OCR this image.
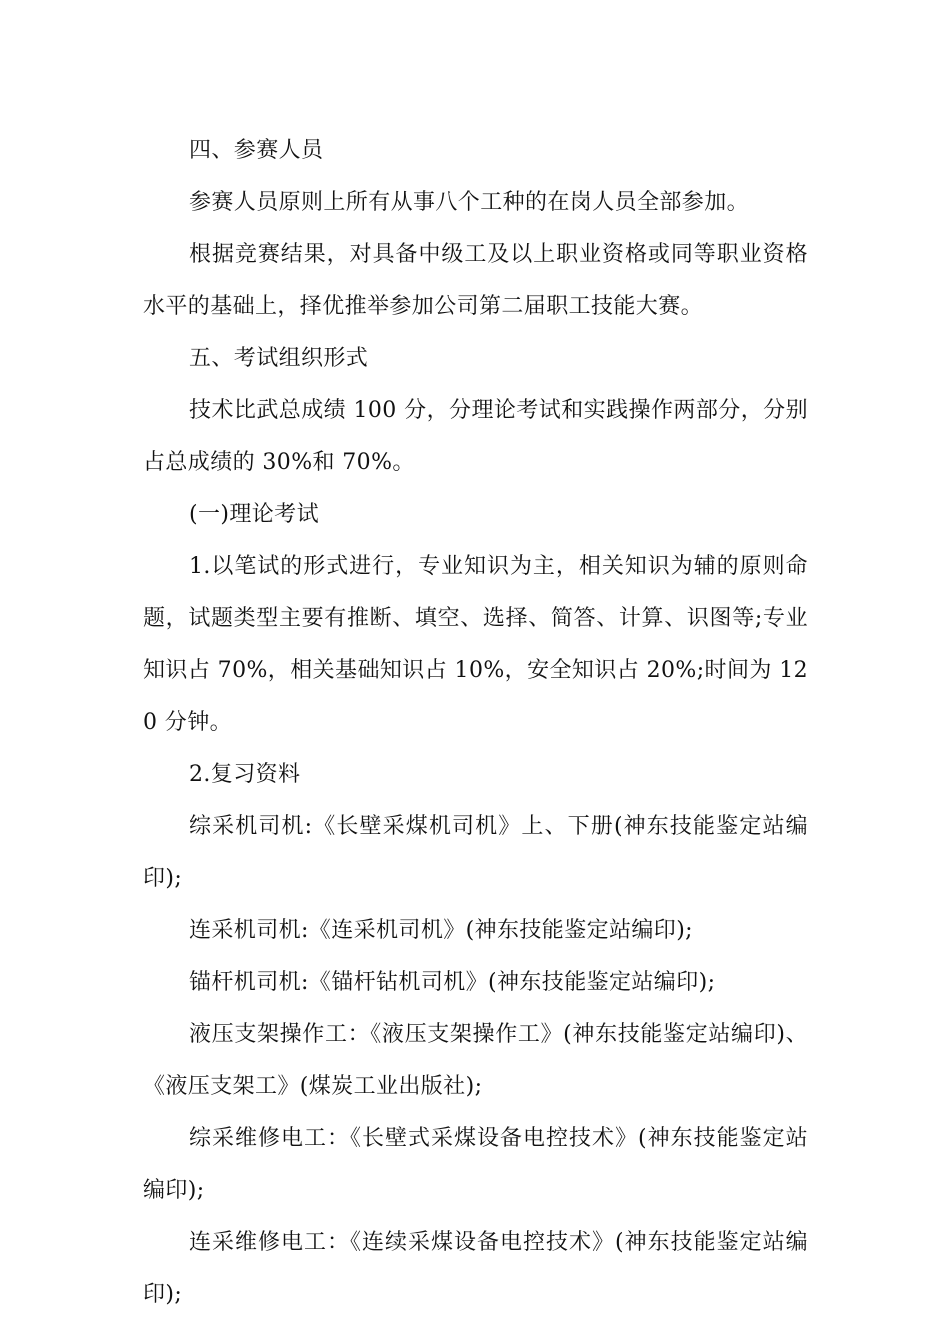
四、参赛人员

参赛人员原则上所有从事八个工种的在岗人员全部参加。

根据竞赛结果，对具备中级工及以上职业资格或同等职业资格水平的基础上，择优推举参加公司第二届职工技能大赛。

五、考试组织形式

技术比武总成绩 100 分，分理论考试和实践操作两部分，分别占总成绩的 30%和 70%。

(一)理论考试

1.以笔试的形式进行，专业知识为主，相关知识为辅的原则命题，试题类型主要有推断、填空、选择、简答、计算、识图等;专业知识占 70%，相关基础知识占 10%，安全知识占 20%;时间为 120 分钟。

2.复习资料

综采机司机:《长壁采煤机司机》上、下册(神东技能鉴定站编印);

连采机司机:《连采机司机》(神东技能鉴定站编印);

锚杆机司机:《锚杆钻机司机》(神东技能鉴定站编印);

液压支架操作工：《液压支架操作工》(神东技能鉴定站编印)、《液压支架工》(煤炭工业出版社);

综采维修电工：《长壁式采煤设备电控技术》(神东技能鉴定站编印);

连采维修电工：《连续采煤设备电控技术》(神东技能鉴定站编印);
